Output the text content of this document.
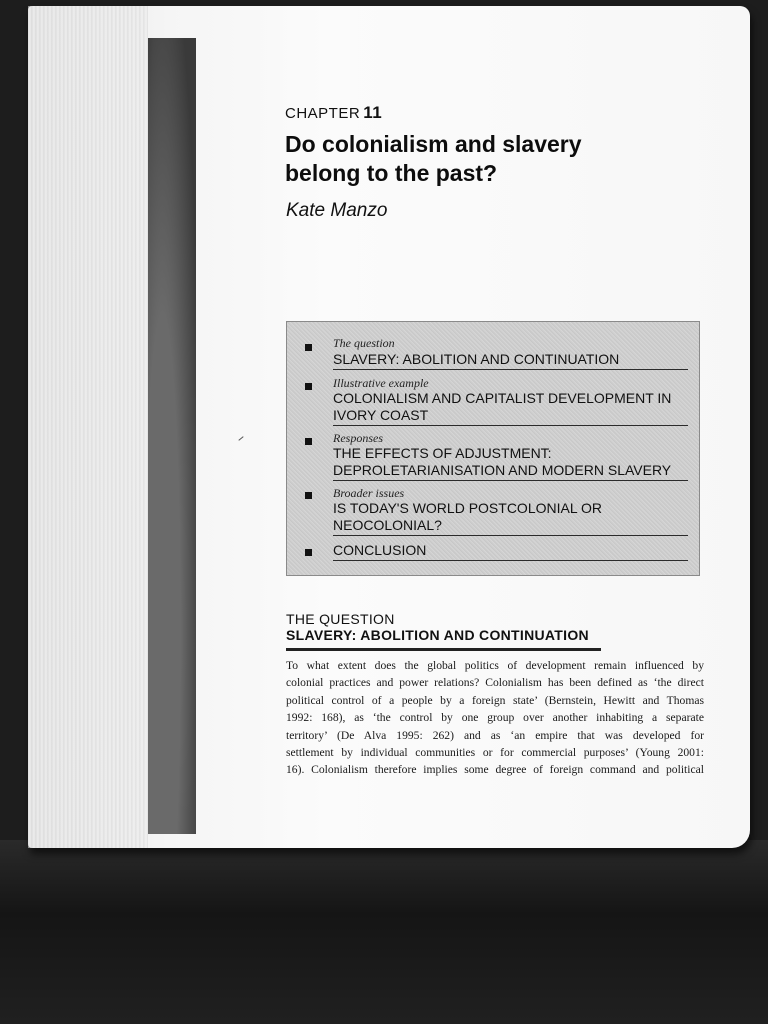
CHAPTER 11
Do colonialism and slavery
belong to the past?
Kate Manzo
The question
SLAVERY: ABOLITION AND CONTINUATION
Illustrative example
COLONIALISM AND CAPITALIST DEVELOPMENT IN
IVORY COAST
Responses
THE EFFECTS OF ADJUSTMENT:
DEPROLETARIANISATION AND MODERN SLAVERY
Broader issues
IS TODAY'S WORLD POSTCOLONIAL OR
NEOCOLONIAL?
CONCLUSION
THE QUESTION
SLAVERY: ABOLITION AND CONTINUATION
To what extent does the global politics of development remain influenced by
colonial practices and power relations? Colonialism has been defined as ‘the direct
political control of a people by a foreign state’ (Bernstein, Hewitt and Thomas
1992: 168), as ‘the control by one group over another inhabiting a separate
territory’ (De Alva 1995: 262) and as ‘an empire that was developed for
settlement by individual communities or for commercial purposes’ (Young 2001:
16). Colonialism therefore implies some degree of foreign command and political
